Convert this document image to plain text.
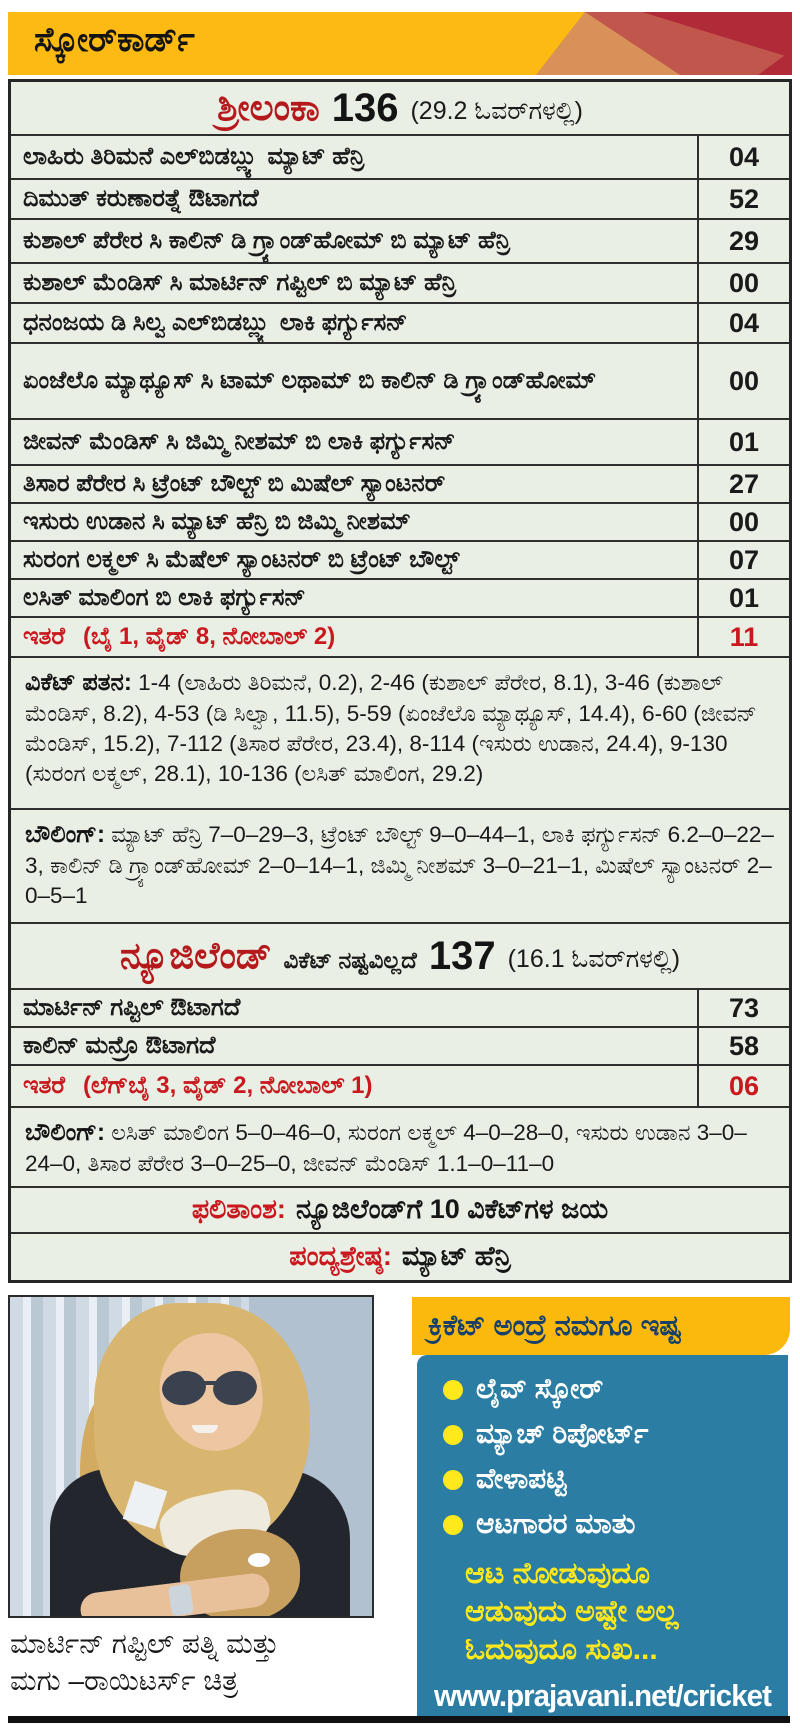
ಸ್ಕೋರ್‌ಕಾರ್ಡ್
ಶ್ರೀಲಂಕಾ 136 (29.2 ಓವರ್‌ಗಳಲ್ಲಿ)
ಲಾಹಿರು ತಿರಿಮನೆ ಎಲ್‌ಬಿಡಬ್ಲ್ಯು ಮ್ಯಾಟ್ ಹೆನ್ರಿ	04
ದಿಮುತ್ ಕರುಣಾರತ್ನೆ ಔಟಾಗದೆ	52
ಕುಶಾಲ್ ಪೆರೇರ ಸಿ ಕಾಲಿನ್ ಡಿ ಗ್ರ್ಯಾಂಡ್‌ಹೋಮ್ ಬಿ ಮ್ಯಾಟ್ ಹೆನ್ರಿ	29
ಕುಶಾಲ್ ಮೆಂಡಿಸ್ ಸಿ ಮಾರ್ಟಿನ್ ಗಪ್ಟಿಲ್ ಬಿ ಮ್ಯಾಟ್ ಹೆನ್ರಿ	00
ಧನಂಜಯ ಡಿ ಸಿಲ್ವ ಎಲ್‌ಬಿಡಬ್ಲ್ಯು ಲಾಕಿ ಫರ್ಗ್ಯುಸನ್	04
ಏಂಜೆಲೊ ಮ್ಯಾಥ್ಯೂಸ್ ಸಿ ಟಾಮ್ ಲಥಾಮ್ ಬಿ ಕಾಲಿನ್ ಡಿ ಗ್ರ್ಯಾಂಡ್‌ಹೋಮ್	00
ಜೀವನ್ ಮೆಂಡಿಸ್ ಸಿ ಜಿಮ್ಮಿ ನೀಶಮ್ ಬಿ ಲಾಕಿ ಫರ್ಗ್ಯುಸನ್	01
ತಿಸಾರ ಪೆರೇರ ಸಿ ಟ್ರೆಂಟ್ ಬೌಲ್ಟ್ ಬಿ ಮಿಷೆಲ್ ಸ್ಯಾಂಟನರ್	27
ಇಸುರು ಉಡಾನ ಸಿ ಮ್ಯಾಟ್ ಹೆನ್ರಿ ಬಿ ಜಿಮ್ಮಿ ನೀಶಮ್	00
ಸುರಂಗ ಲಕ್ಮಲ್ ಸಿ ಮೆಷೆಲ್ ಸ್ಯಾಂಟನರ್ ಬಿ ಟ್ರೆಂಟ್ ಬೌಲ್ಟ್	07
ಲಸಿತ್ ಮಾಲಿಂಗ ಬಿ ಲಾಕಿ ಫರ್ಗ್ಯುಸನ್	01
ಇತರೆ (ಬೈ 1, ವೈಡ್ 8, ನೋಬಾಲ್ 2)	11
ವಿಕೆಟ್ ಪತನ: 1-4 (ಲಾಹಿರು ತಿರಿಮನೆ, 0.2), 2-46 (ಕುಶಾಲ್ ಪೆರೇರ, 8.1), 3-46 (ಕುಶಾಲ್ ಮೆಂಡಿಸ್, 8.2), 4-53 (ಡಿ ಸಿಲ್ವಾ, 11.5), 5-59 (ಏಂಜೆಲೊ ಮ್ಯಾಥ್ಯೂಸ್, 14.4), 6-60 (ಜೀವನ್ ಮೆಂಡಿಸ್, 15.2), 7-112 (ತಿಸಾರ ಪೆರೇರ, 23.4), 8-114 (ಇಸುರು ಉಡಾನ, 24.4), 9-130 (ಸುರಂಗ ಲಕ್ಮಲ್, 28.1), 10-136 (ಲಸಿತ್ ಮಾಲಿಂಗ, 29.2)
ಬೌಲಿಂಗ್: ಮ್ಯಾಟ್ ಹೆನ್ರಿ 7–0–29–3, ಟ್ರೆಂಟ್ ಬೌಲ್ಟ್ 9–0–44–1, ಲಾಕಿ ಫರ್ಗ್ಯುಸನ್ 6.2–0–22–3, ಕಾಲಿನ್ ಡಿ ಗ್ರ್ಯಾಂಡ್‌ಹೋಮ್ 2–0–14–1, ಜಿಮ್ಮಿ ನೀಶಮ್ 3–0–21–1, ಮಿಷೆಲ್ ಸ್ಯಾಂಟನರ್ 2–0–5–1
ನ್ಯೂಜಿಲೆಂಡ್ ವಿಕೆಟ್ ನಷ್ಟವಿಲ್ಲದೆ 137 (16.1 ಓವರ್‌ಗಳಲ್ಲಿ)
ಮಾರ್ಟಿನ್ ಗಪ್ಟಿಲ್ ಔಟಾಗದೆ	73
ಕಾಲಿನ್ ಮನ್ರೊ ಔಟಾಗದೆ	58
ಇತರೆ (ಲೆಗ್‌ಬೈ 3, ವೈಡ್ 2, ನೋಬಾಲ್ 1)	06
ಬೌಲಿಂಗ್: ಲಸಿತ್ ಮಾಲಿಂಗ 5–0–46–0, ಸುರಂಗ ಲಕ್ಮಲ್ 4–0–28–0, ಇಸುರು ಉಡಾನ 3–0–24–0, ತಿಸಾರ ಪೆರೇರ 3–0–25–0, ಜೀವನ್ ಮೆಂಡಿಸ್ 1.1–0–11–0
ಫಲಿತಾಂಶ: ನ್ಯೂಜಿಲೆಂಡ್‌ಗೆ 10 ವಿಕೆಟ್‌ಗಳ ಜಯ
ಪಂದ್ಯಶ್ರೇಷ್ಠ: ಮ್ಯಾಟ್ ಹೆನ್ರಿ
ಮಾರ್ಟಿನ್ ಗಪ್ಟಿಲ್ ಪತ್ನಿ ಮತ್ತು
ಮಗು –ರಾಯಿಟರ್ಸ್ ಚಿತ್ರ
ಕ್ರಿಕೆಟ್ ಅಂದ್ರೆ ನಮಗೂ ಇಷ್ಟ
ಲೈವ್ ಸ್ಕೋರ್
ಮ್ಯಾಚ್ ರಿಪೋರ್ಟ್
ವೇಳಾಪಟ್ಟಿ
ಆಟಗಾರರ ಮಾತು
ಆಟ ನೋಡುವುದೂ
ಆಡುವುದು ಅಷ್ಟೇ ಅಲ್ಲ
ಓದುವುದೂ ಸುಖ...
www.prajavani.net/cricket
